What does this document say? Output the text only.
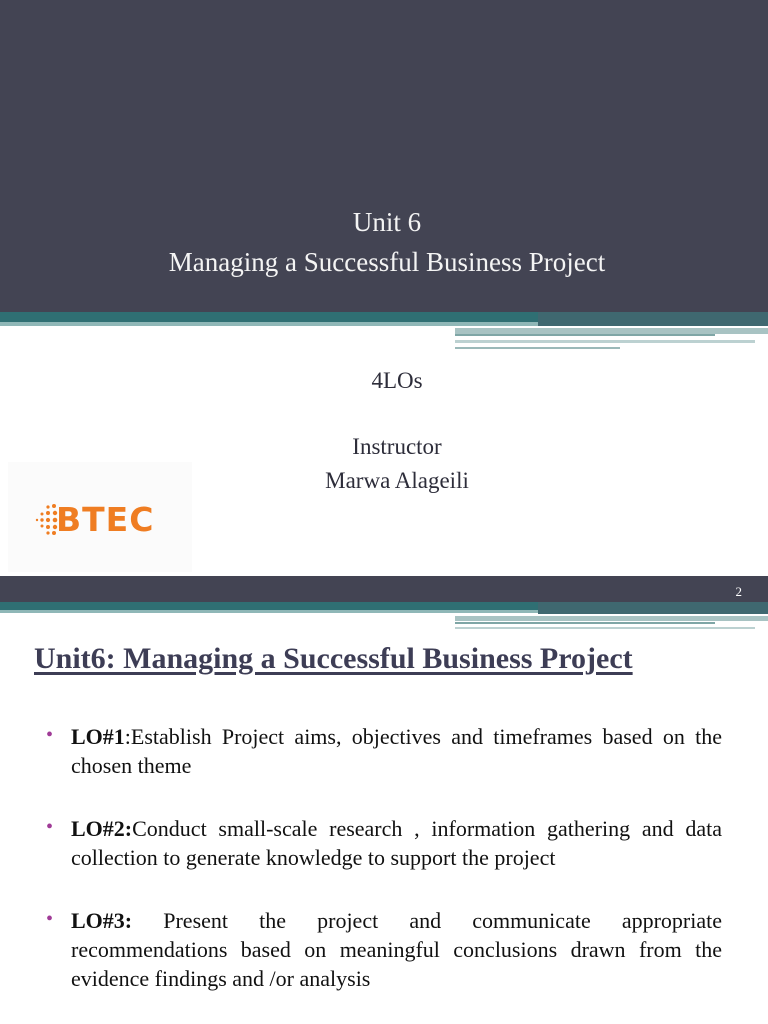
Unit 6
Managing a Successful Business Project
4LOs
Instructor
Marwa Alageili
BTEC
2
Unit6: Managing a Successful Business Project
• LO#1:Establish Project aims, objectives and timeframes based on the chosen theme
• LO#2:Conduct small-scale research , information gathering and data collection to generate knowledge to support the project
• LO#3: Present the project and communicate appropriate recommendations based on meaningful conclusions drawn from the evidence findings and /or analysis
